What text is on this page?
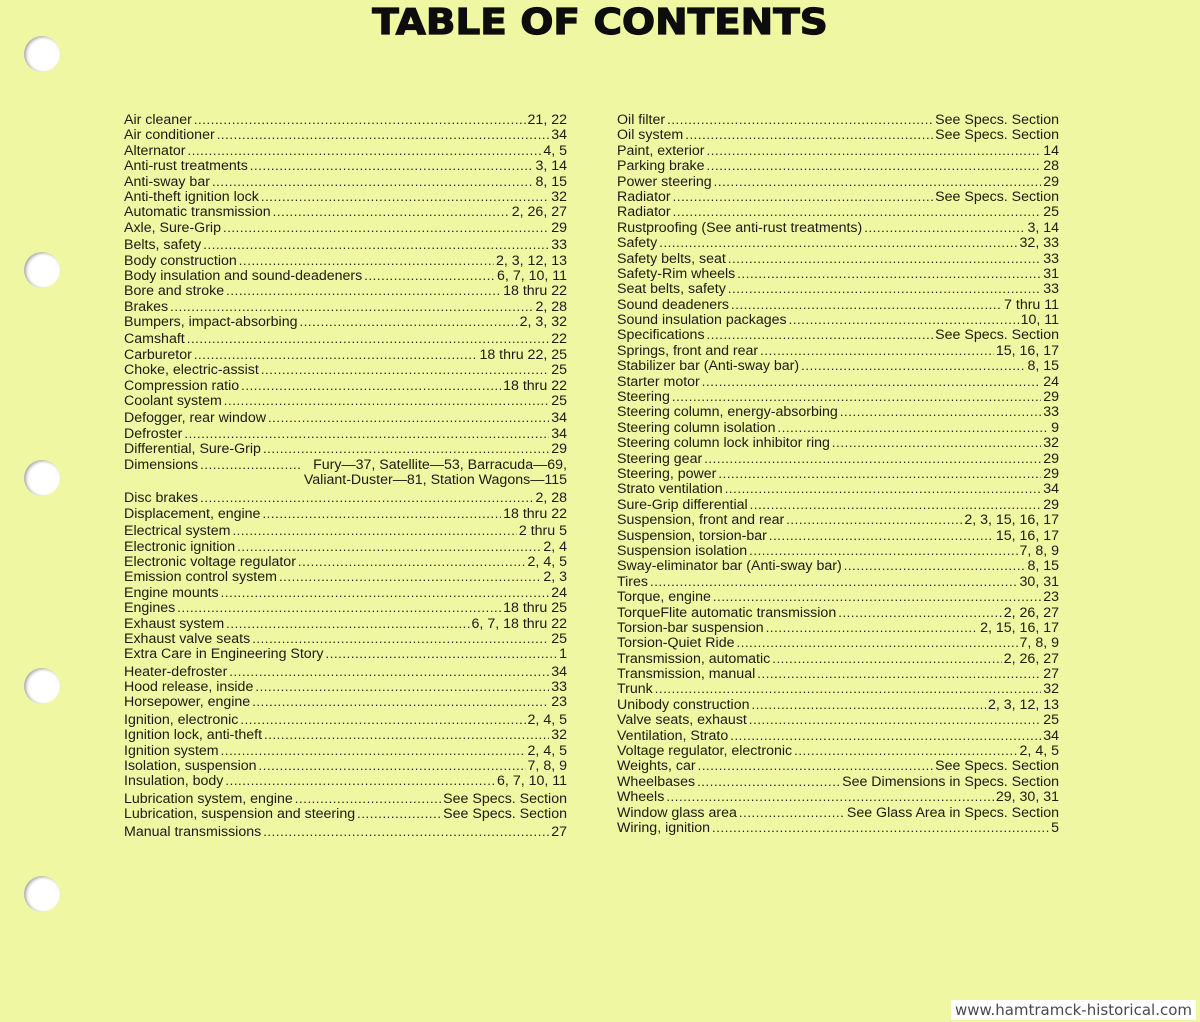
TABLE OF CONTENTS
Air cleaner . . .	21, 22
Air conditioner . . .	34
Alternator . . .	4, 5
Anti-rust treatments . . .	3, 14
Anti-sway bar . . .	8, 15
Anti-theft ignition lock . . .	32
Automatic transmission . . .	2, 26, 27
Axle, Sure-Grip . . .	29
Belts, safety . . .	33
Body construction . . .	2, 3, 12, 13
Body insulation and sound-deadeners . . .	6, 7, 10, 11
Bore and stroke . . .	18 thru 22
Brakes . . .	2, 28
Bumpers, impact-absorbing . . .	2, 3, 32
Camshaft . . .	22
Carburetor . . .	18 thru 22, 25
Choke, electric-assist . . .	25
Compression ratio . . .	18 thru 22
Coolant system . . .	25
Defogger, rear window . . .	34
Defroster . . .	34
Differential, Sure-Grip . . .	29
Dimensions . . .	Fury—37, Satellite—53, Barracuda—69,
Valiant-Duster—81, Station Wagons—115
Disc brakes . . .	2, 28
Displacement, engine . . .	18 thru 22
Electrical system . . .	2 thru 5
Electronic ignition . . .	2, 4
Electronic voltage regulator . . .	2, 4, 5
Emission control system . . .	2, 3
Engine mounts . . .	24
Engines . . .	18 thru 25
Exhaust system . . .	6, 7, 18 thru 22
Exhaust valve seats . . .	25
Extra Care in Engineering Story . . .	1
Heater-defroster . . .	34
Hood release, inside . . .	33
Horsepower, engine . . .	23
Ignition, electronic . . .	2, 4, 5
Ignition lock, anti-theft . . .	32
Ignition system . . .	2, 4, 5
Isolation, suspension . . .	7, 8, 9
Insulation, body . . .	6, 7, 10, 11
Lubrication system, engine . . .	See Specs. Section
Lubrication, suspension and steering . . .	See Specs. Section
Manual transmissions . . .	27
Oil filter . . .	See Specs. Section
Oil system . . .	See Specs. Section
Paint, exterior . . .	14
Parking brake . . .	28
Power steering . . .	29
Radiator . . .	See Specs. Section
Radiator . . .	25
Rustproofing (See anti-rust treatments) . . .	3, 14
Safety . . .	32, 33
Safety belts, seat . . .	33
Safety-Rim wheels . . .	31
Seat belts, safety . . .	33
Sound deadeners . . .	7 thru 11
Sound insulation packages . . .	10, 11
Specifications . . .	See Specs. Section
Springs, front and rear . . .	15, 16, 17
Stabilizer bar (Anti-sway bar) . . .	8, 15
Starter motor . . .	24
Steering . . .	29
Steering column, energy-absorbing . . .	33
Steering column isolation . . .	9
Steering column lock inhibitor ring . . .	32
Steering gear . . .	29
Steering, power . . .	29
Strato ventilation . . .	34
Sure-Grip differential . . .	29
Suspension, front and rear . . .	2, 3, 15, 16, 17
Suspension, torsion-bar . . .	15, 16, 17
Suspension isolation . . .	7, 8, 9
Sway-eliminator bar (Anti-sway bar) . . .	8, 15
Tires . . .	30, 31
Torque, engine . . .	23
TorqueFlite automatic transmission . . .	2, 26, 27
Torsion-bar suspension . . .	2, 15, 16, 17
Torsion-Quiet Ride . . .	7, 8, 9
Transmission, automatic . . .	2, 26, 27
Transmission, manual . . .	27
Trunk . . .	32
Unibody construction . . .	2, 3, 12, 13
Valve seats, exhaust . . .	25
Ventilation, Strato . . .	34
Voltage regulator, electronic . . .	2, 4, 5
Weights, car . . .	See Specs. Section
Wheelbases . . .	See Dimensions in Specs. Section
Wheels . . .	29, 30, 31
Window glass area . . .	See Glass Area in Specs. Section
Wiring, ignition . . .	5
www.hamtramck-historical.com
